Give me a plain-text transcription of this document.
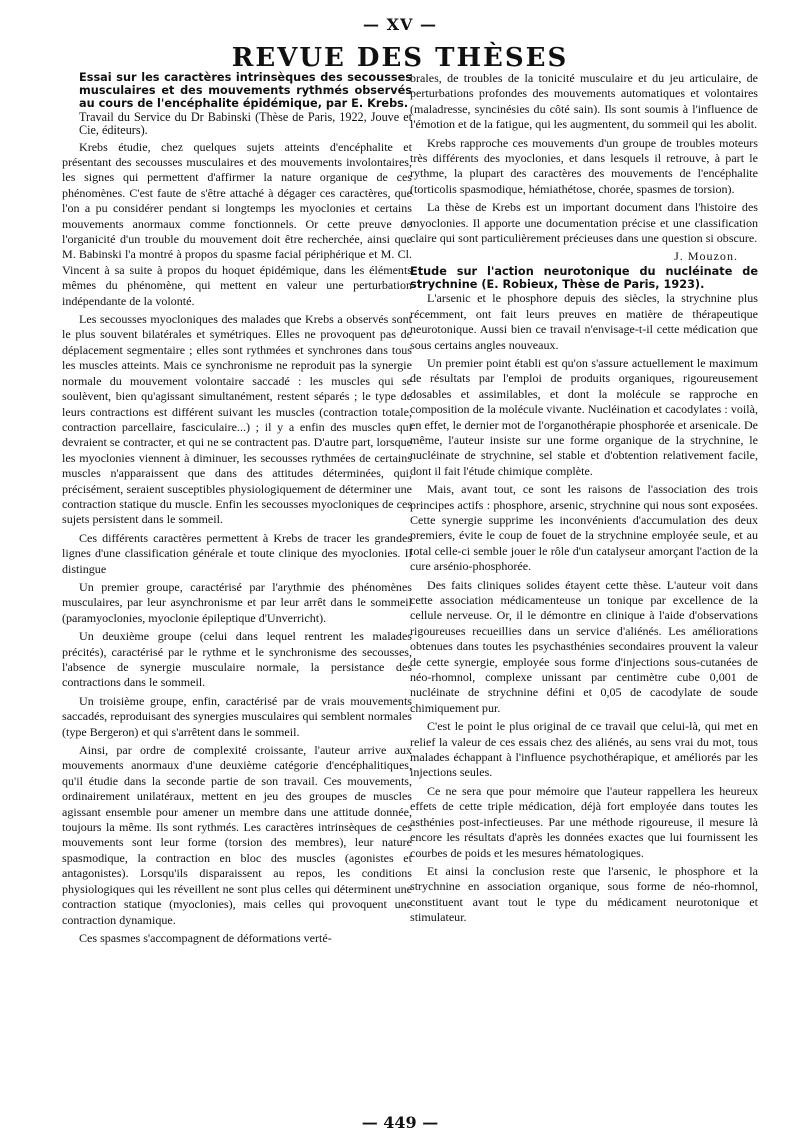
— XV —
REVUE DES THÈSES

Essai sur les caractères intrinsèques des secousses musculaires et des mouvements rythmés observés au cours de l'encéphalite épidémique, par E. Krebs.

Travail du Service du Dr Babinski (Thèse de Paris, 1922, Jouve et Cie, éditeurs).

Krebs étudie, chez quelques sujets atteints d'encéphalite et présentant des secousses musculaires et des mouvements involontaires, les signes qui permettent d'affirmer la nature organique de ces phénomènes. C'est faute de s'être attaché à dégager ces caractères, que l'on a pu considérer pendant si longtemps les myoclonies et certains mouvements anormaux comme fonctionnels. Or cette preuve de l'organicité d'un trouble du mouvement doit être recherchée, ainsi que M. Babinski l'a montré à propos du spasme facial périphérique et M. Cl. Vincent à sa suite à propos du hoquet épidémique, dans les éléments mêmes du phénomène, qui mettent en valeur une perturbation indépendante de la volonté.

Les secousses myocloniques des malades que Krebs a observés sont le plus souvent bilatérales et symétriques. Elles ne provoquent pas de déplacement segmentaire ; elles sont rythmées et synchrones dans tous les muscles atteints. Mais ce synchronisme ne reproduit pas la synergie normale du mouvement volontaire saccadé : les muscles qui se soulèvent, bien qu'agissant simultanément, restent séparés ; le type de leurs contractions est différent suivant les muscles (contraction totale, contraction parcellaire, fasciculaire...) ; il y a enfin des muscles qui devraient se contracter, et qui ne se contractent pas. D'autre part, lorsque les myoclonies viennent à diminuer, les secousses rythmées de certains muscles n'apparaissent que dans des attitudes déterminées, qui, précisément, seraient susceptibles physiologiquement de déterminer une contraction statique du muscle. Enfin les secousses myocloniques de ces sujets persistent dans le sommeil.

Ces différents caractères permettent à Krebs de tracer les grandes lignes d'une classification générale et toute clinique des myoclonies. Il distingue

Un premier groupe, caractérisé par l'arythmie des phénomènes musculaires, par leur asynchronisme et par leur arrêt dans le sommeil (paramyoclonies, myoclonie épileptique d'Unverricht).

Un deuxième groupe (celui dans lequel rentrent les malades précités), caractérisé par le rythme et le synchronisme des secousses, l'absence de synergie musculaire normale, la persistance des contractions dans le sommeil.

Un troisième groupe, enfin, caractérisé par de vrais mouvements saccadés, reproduisant des synergies musculaires qui semblent normales (type Bergeron) et qui s'arrêtent dans le sommeil.

Ainsi, par ordre de complexité croissante, l'auteur arrive aux mouvements anormaux d'une deuxième catégorie d'encéphalitiques, qu'il étudie dans la seconde partie de son travail. Ces mouvements, ordinairement unilatéraux, mettent en jeu des groupes de muscles agissant ensemble pour amener un membre dans une attitude donnée, toujours la même. Ils sont rythmés. Les caractères intrinsèques de ces mouvements sont leur forme (torsion des membres), leur nature spasmodique, la contraction en bloc des muscles (agonistes et antagonistes). Lorsqu'ils disparaissent au repos, les conditions physiologiques qui les réveillent ne sont plus celles qui déterminent une contraction statique (myoclonies), mais celles qui provoquent une contraction dynamique.

Ces spasmes s'accompagnent de déformations verté-

brales, de troubles de la tonicité musculaire et du jeu articulaire, de perturbations profondes des mouvements automatiques et volontaires (maladresse, syncinésies du côté sain). Ils sont soumis à l'influence de l'émotion et de la fatigue, qui les augmentent, du sommeil qui les abolit.

Krebs rapproche ces mouvements d'un groupe de troubles moteurs très différents des myoclonies, et dans lesquels il retrouve, à part le rythme, la plupart des caractères des mouvements de l'encéphalite (torticolis spasmodique, hémiathétose, chorée, spasmes de torsion).

La thèse de Krebs est un important document dans l'histoire des myoclonies. Il apporte une documentation précise et une classification claire qui sont particulièrement précieuses dans une question si obscure.

J. Mouzon.

Etude sur l'action neurotonique du nucléinate de strychnine (E. Robieux, Thèse de Paris, 1923).

L'arsenic et le phosphore depuis des siècles, la strychnine plus récemment, ont fait leurs preuves en matière de thérapeutique neurotonique. Aussi bien ce travail n'envisage-t-il cette médication que sous certains angles nouveaux.

Un premier point établi est qu'on s'assure actuellement le maximum de résultats par l'emploi de produits organiques, rigoureusement dosables et assimilables, et dont la molécule se rapproche en composition de la molécule vivante. Nucléination et cacodylates : voilà, en effet, le dernier mot de l'organothérapie phosphorée et arsenicale. De même, l'auteur insiste sur une forme organique de la strychnine, le nucléinate de strychnine, sel stable et d'obtention relativement facile, dont il fait l'étude chimique complète.

Mais, avant tout, ce sont les raisons de l'association des trois principes actifs : phosphore, arsenic, strychnine qui nous sont exposées. Cette synergie supprime les inconvénients d'accumulation des deux premiers, évite le coup de fouet de la strychnine employée seule, et au total celle-ci semble jouer le rôle d'un catalyseur amorçant l'action de la cure arsénio-phosphorée.

Des faits cliniques solides étayent cette thèse. L'auteur voit dans cette association médicamenteuse un tonique par excellence de la cellule nerveuse. Or, il le démontre en clinique à l'aide d'observations rigoureuses recueillies dans un service d'aliénés. Les améliorations obtenues dans toutes les psychasthénies secondaires prouvent la valeur de cette synergie, employée sous forme d'injections sous-cutanées de néo-rhomnol, complexe unissant par centimètre cube 0,001 de nucléinate de strychnine défini et 0,05 de cacodylate de soude chimiquement pur.

C'est le point le plus original de ce travail que celui-là, qui met en relief la valeur de ces essais chez des aliénés, au sens vrai du mot, tous malades échappant à l'influence psychothérapique, et améliorés par les injections seules.

Ce ne sera que pour mémoire que l'auteur rappellera les heureux effets de cette triple médication, déjà fort employée dans toutes les asthénies post-infectieuses. Par une méthode rigoureuse, il mesure là encore les résultats d'après les données exactes que lui fournissent les courbes de poids et les mesures hématologiques.

Et ainsi la conclusion reste que l'arsenic, le phosphore et la strychnine en association organique, sous forme de néo-rhomnol, constituent avant tout le type du médicament neurotonique et stimulateur.

— 449 —
